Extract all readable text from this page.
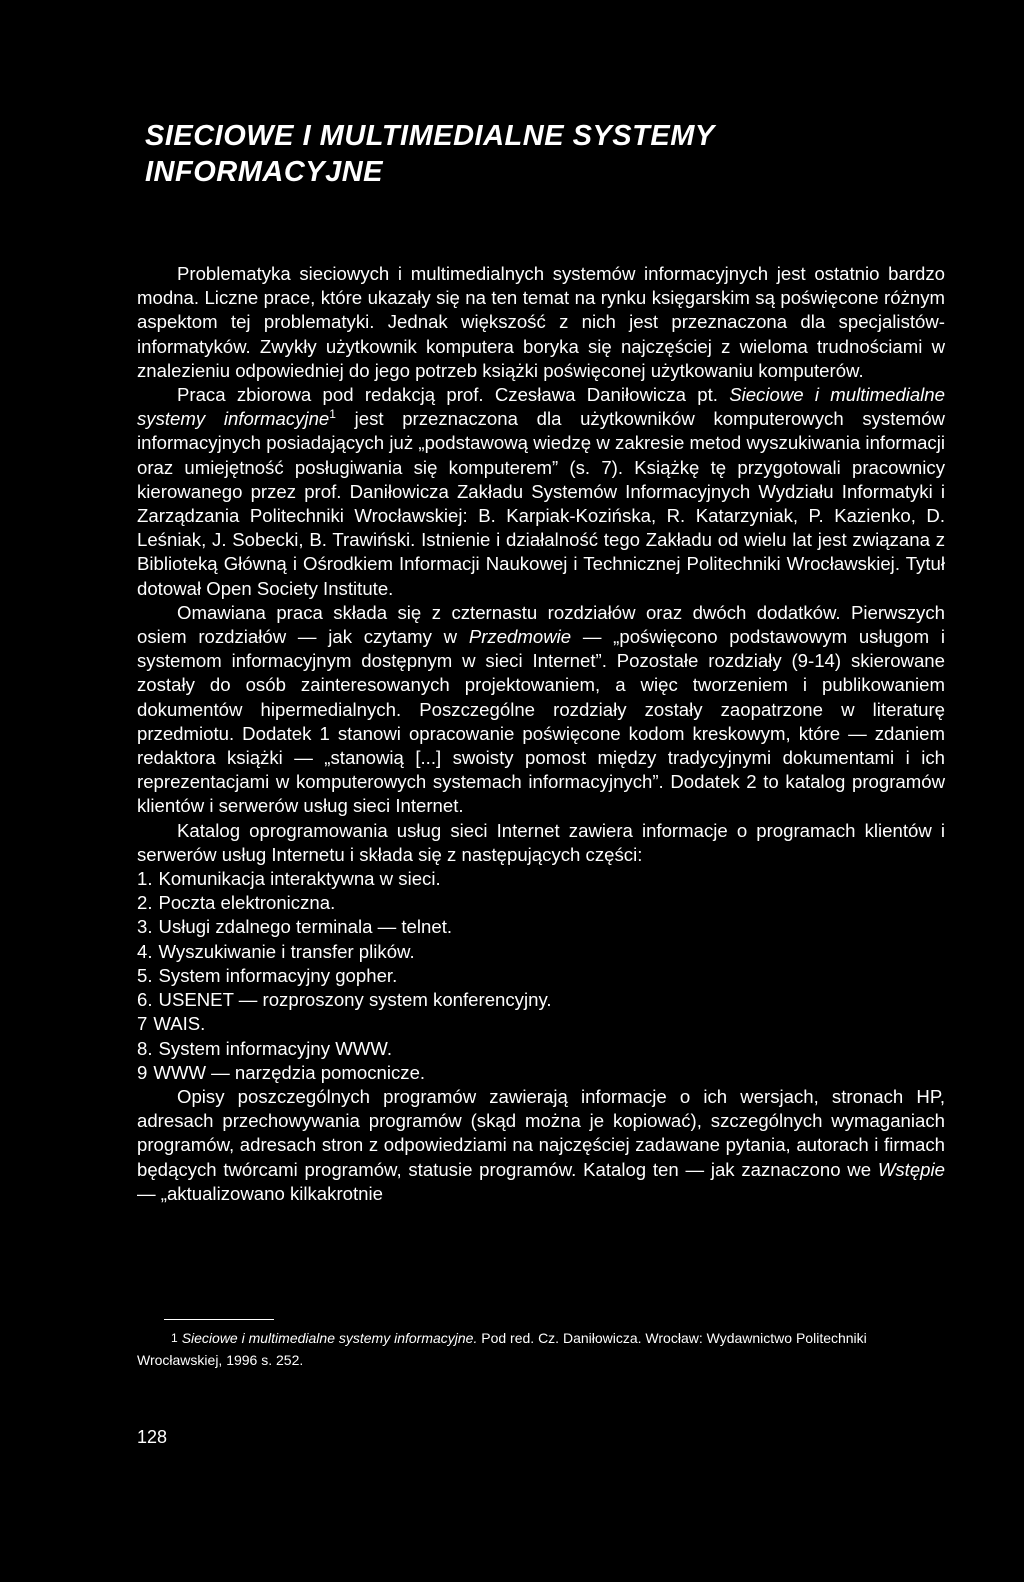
SIECIOWE I MULTIMEDIALNE SYSTEMY
INFORMACYJNE

Problematyka sieciowych i multimedialnych systemów informacyjnych jest ostatnio bardzo modna. Liczne prace, które ukazały się na ten temat na rynku księgarskim są poświęcone różnym aspektom tej problematyki. Jednak większość z nich jest przeznaczona dla specjalistów-informatyków. Zwykły użytkownik komputera boryka się najczęściej z wieloma trudnościami w znalezieniu odpowiedniej do jego potrzeb książki poświęconej użytkowaniu komputerów.

Praca zbiorowa pod redakcją prof. Czesława Daniłowicza pt. Sieciowe i multimedialne systemy informacyjne$^1$ jest przeznaczona dla użytkowników komputerowych systemów informacyjnych posiadających już „podstawową wiedzę w zakresie metod wyszukiwania informacji oraz umiejętność posługiwania się komputerem” (s. 7). Książkę tę przygotowali pracownicy kierowanego przez prof. Daniłowicza Zakładu Systemów Informacyjnych Wydziału Informatyki i Zarządzania Politechniki Wrocławskiej: B. Karpiak-Kozińska, R. Katarzyniak, P. Kazienko, D. Leśniak, J. Sobecki, B. Trawiński. Istnienie i działalność tego Zakładu od wielu lat jest związana z Biblioteką Główną i Ośrodkiem Informacji Naukowej i Technicznej Politechniki Wrocławskiej. Tytuł dotował Open Society Institute.

Omawiana praca składa się z czternastu rozdziałów oraz dwóch dodatków. Pierwszych osiem rozdziałów — jak czytamy w Przedmowie — „poświęcono podstawowym usługom i systemom informacyjnym dostępnym w sieci Internet”. Pozostałe rozdziały (9-14) skierowane zostały do osób zainteresowanych projektowaniem, a więc tworzeniem i publikowaniem dokumentów hipermedialnych. Poszczególne rozdziały zostały zaopatrzone w literaturę przedmiotu. Dodatek 1 stanowi opracowanie poświęcone kodom kreskowym, które — zdaniem redaktora książki — „stanowią [...] swoisty pomost między tradycyjnymi dokumentami i ich reprezentacjami w komputerowych systemach informacyjnych”. Dodatek 2 to katalog programów klientów i serwerów usług sieci Internet.

Katalog oprogramowania usług sieci Internet zawiera informacje o programach klientów i serwerów usług Internetu i składa się z następujących części:

1. Komunikacja interaktywna w sieci.
2. Poczta elektroniczna.
3. Usługi zdalnego terminala — telnet.
4. Wyszukiwanie i transfer plików.
5. System informacyjny gopher.
6. USENET — rozproszony system konferencyjny.
7 WAIS.
8. System informacyjny WWW.
9 WWW — narzędzia pomocnicze.

Opisy poszczególnych programów zawierają informacje o ich wersjach, stronach HP, adresach przechowywania programów (skąd można je kopiować), szczególnych wymaganiach programów, adresach stron z odpowiedziami na najczęściej zadawane pytania, autorach i firmach będących twórcami programów, statusie programów. Katalog ten — jak zaznaczono we Wstępie — „aktualizowano kilkakrotnie

1 Sieciowe i multimedialne systemy informacyjne. Pod red. Cz. Daniłowicza. Wrocław: Wydawnictwo Politechniki Wrocławskiej, 1996 s. 252.
128
